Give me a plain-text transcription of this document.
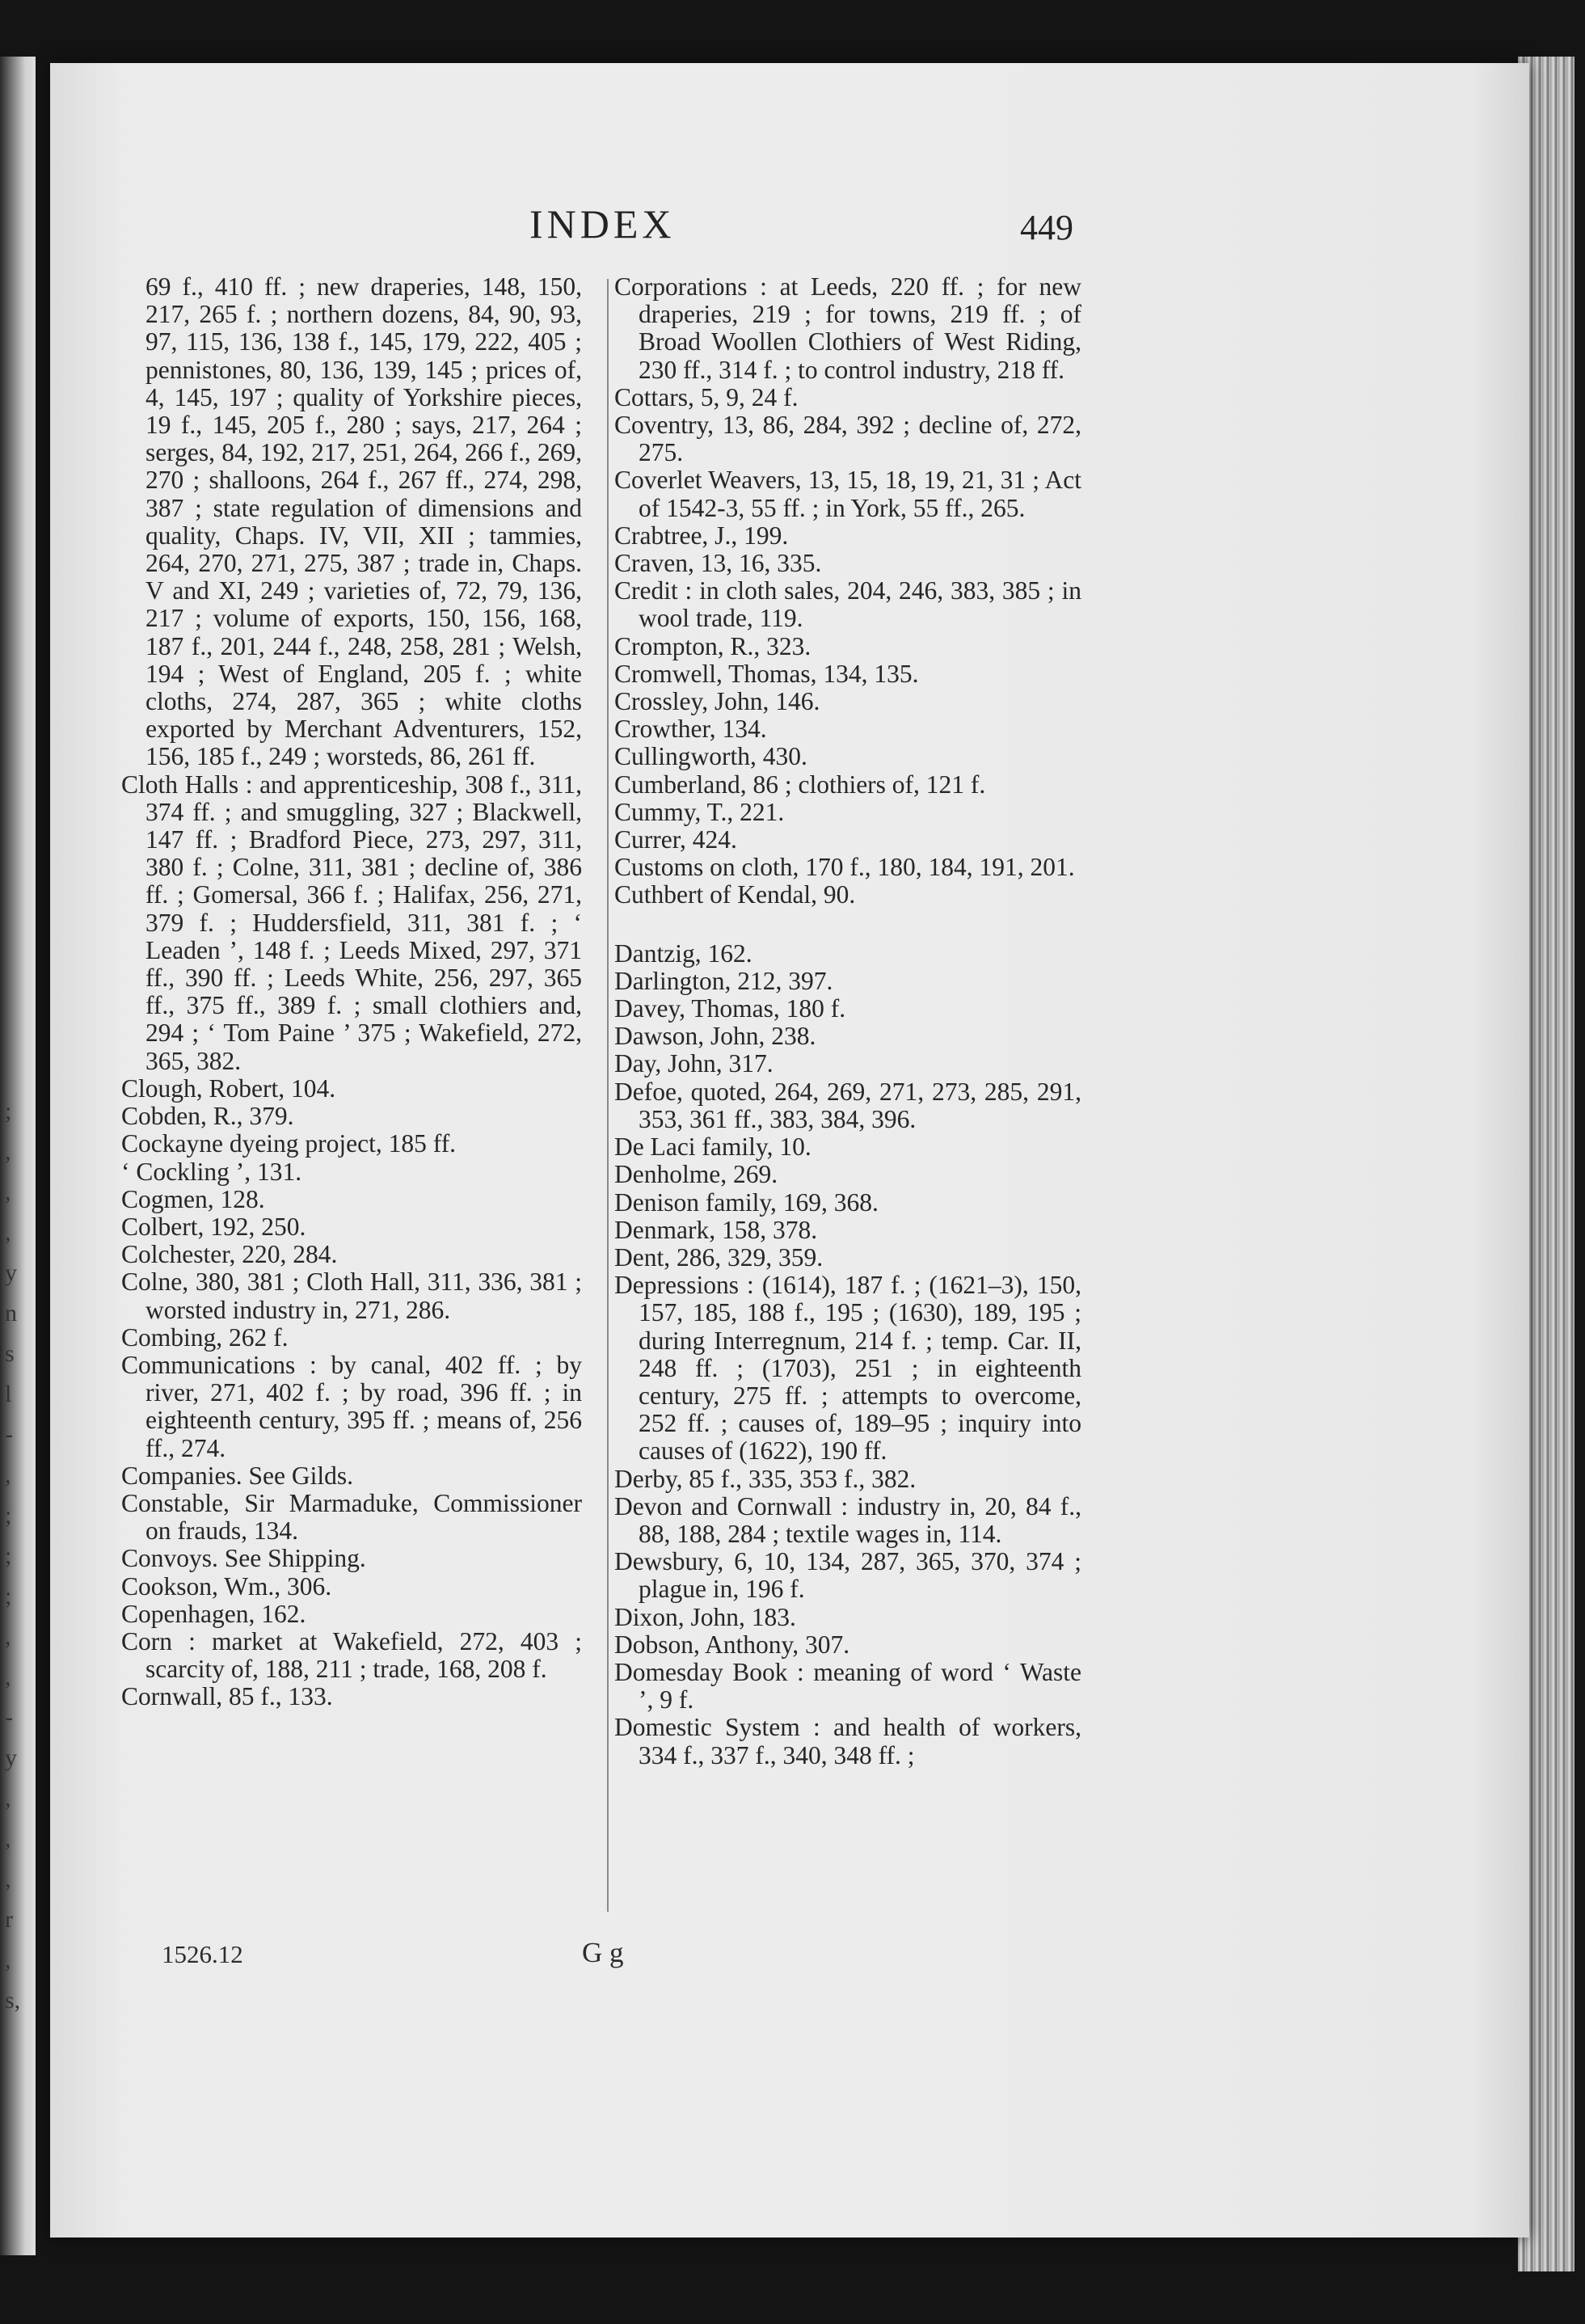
;
,
,
,
y
n
s
l
-
,
;
;
;
,
,
-
y
,
,
,
r
,
s,
INDEX	449
69 f., 410 ff. ; new draperies, 148, 150, 217, 265 f. ; northern dozens, 84, 90, 93, 97, 115, 136, 138 f., 145, 179, 222, 405 ; pennistones, 80, 136, 139, 145 ; prices of, 4, 145, 197 ; quality of Yorkshire pieces, 19 f., 145, 205 f., 280 ; says, 217, 264 ; serges, 84, 192, 217, 251, 264, 266 f., 269, 270 ; shalloons, 264 f., 267 ff., 274, 298, 387 ; state regulation of dimensions and quality, Chaps. IV, VII, XII ; tammies, 264, 270, 271, 275, 387 ; trade in, Chaps. V and XI, 249 ; varieties of, 72, 79, 136, 217 ; volume of exports, 150, 156, 168, 187 f., 201, 244 f., 248, 258, 281 ; Welsh, 194 ; West of England, 205 f. ; white cloths, 274, 287, 365 ; white cloths exported by Merchant Adventurers, 152, 156, 185 f., 249 ; worsteds, 86, 261 ff.
Cloth Halls : and apprenticeship, 308 f., 311, 374 ff. ; and smuggling, 327 ; Blackwell, 147 ff. ; Bradford Piece, 273, 297, 311, 380 f. ; Colne, 311, 381 ; decline of, 386 ff. ; Gomersal, 366 f. ; Halifax, 256, 271, 379 f. ; Huddersfield, 311, 381 f. ; ‘ Leaden ’, 148 f. ; Leeds Mixed, 297, 371 ff., 390 ff. ; Leeds White, 256, 297, 365 ff., 375 ff., 389 f. ; small clothiers and, 294 ; ‘ Tom Paine ’ 375 ; Wakefield, 272, 365, 382.
Clough, Robert, 104.
Cobden, R., 379.
Cockayne dyeing project, 185 ff.
‘ Cockling ’, 131.
Cogmen, 128.
Colbert, 192, 250.
Colchester, 220, 284.
Colne, 380, 381 ; Cloth Hall, 311, 336, 381 ; worsted industry in, 271, 286.
Combing, 262 f.
Communications : by canal, 402 ff. ; by river, 271, 402 f. ; by road, 396 ff. ; in eighteenth century, 395 ff. ; means of, 256 ff., 274.
Companies. See Gilds.
Constable, Sir Marmaduke, Commissioner on frauds, 134.
Convoys. See Shipping.
Cookson, Wm., 306.
Copenhagen, 162.
Corn : market at Wakefield, 272, 403 ; scarcity of, 188, 211 ; trade, 168, 208 f.
Cornwall, 85 f., 133.
Corporations : at Leeds, 220 ff. ; for new draperies, 219 ; for towns, 219 ff. ; of Broad Woollen Clothiers of West Riding, 230 ff., 314 f. ; to control industry, 218 ff.
Cottars, 5, 9, 24 f.
Coventry, 13, 86, 284, 392 ; decline of, 272, 275.
Coverlet Weavers, 13, 15, 18, 19, 21, 31 ; Act of 1542-3, 55 ff. ; in York, 55 ff., 265.
Crabtree, J., 199.
Craven, 13, 16, 335.
Credit : in cloth sales, 204, 246, 383, 385 ; in wool trade, 119.
Crompton, R., 323.
Cromwell, Thomas, 134, 135.
Crossley, John, 146.
Crowther, 134.
Cullingworth, 430.
Cumberland, 86 ; clothiers of, 121 f.
Cummy, T., 221.
Currer, 424.
Customs on cloth, 170 f., 180, 184, 191, 201.
Cuthbert of Kendal, 90.
Dantzig, 162.
Darlington, 212, 397.
Davey, Thomas, 180 f.
Dawson, John, 238.
Day, John, 317.
Defoe, quoted, 264, 269, 271, 273, 285, 291, 353, 361 ff., 383, 384, 396.
De Laci family, 10.
Denholme, 269.
Denison family, 169, 368.
Denmark, 158, 378.
Dent, 286, 329, 359.
Depressions : (1614), 187 f. ; (1621–3), 150, 157, 185, 188 f., 195 ; (1630), 189, 195 ; during Interregnum, 214 f. ; temp. Car. II, 248 ff. ; (1703), 251 ; in eighteenth century, 275 ff. ; attempts to overcome, 252 ff. ; causes of, 189–95 ; inquiry into causes of (1622), 190 ff.
Derby, 85 f., 335, 353 f., 382.
Devon and Cornwall : industry in, 20, 84 f., 88, 188, 284 ; textile wages in, 114.
Dewsbury, 6, 10, 134, 287, 365, 370, 374 ; plague in, 196 f.
Dixon, John, 183.
Dobson, Anthony, 307.
Domesday Book : meaning of word ‘ Waste ’, 9 f.
Domestic System : and health of workers, 334 f., 337 f., 340, 348 ff. ;
1526.12	G g
